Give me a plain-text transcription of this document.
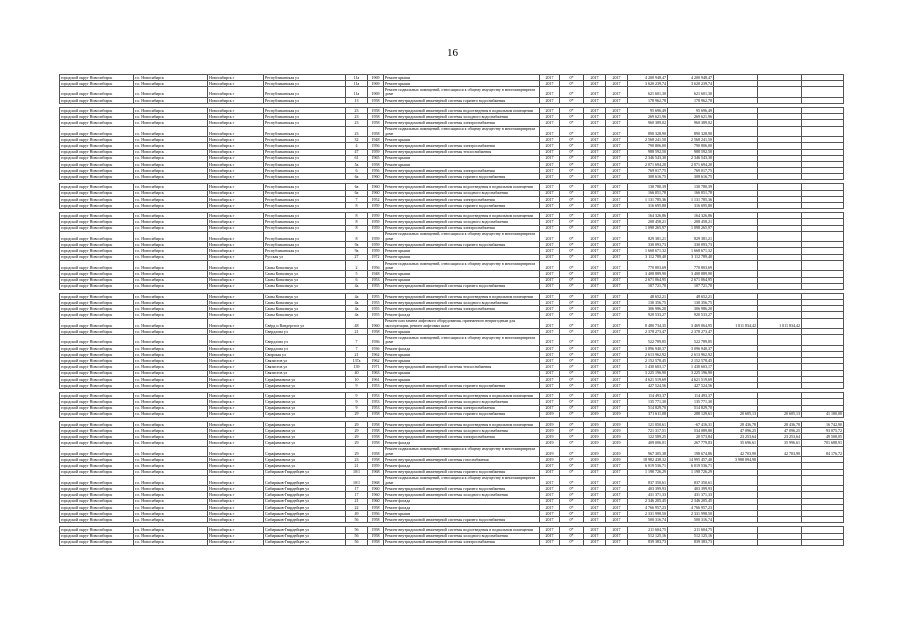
16
городской округ Новосибирск	г.о. Новосибирск	Новосибирск г	Республиканская ул	11а	1969	Ремонт крыши	2017	0*	2017	2017	4 200 948,47	4 200 948,47			
городской округ Новосибирск	г.о. Новосибирск	Новосибирск г	Республиканская ул	11а	1969	Ремонт крыши	2017	0*	2017	2017	3 620 239,74	3 620 239,74			
городской округ Новосибирск	г.о. Новосибирск	Новосибирск г	Республиканская ул	11а	1969	Ремонт подвальных помещений, относящихся к общему имуществу в многоквартирном доме	2017	0*	2017	2017	621 601,30	621 601,30			
городской округ Новосибирск	г.о. Новосибирск	Новосибирск г	Республиканская ул	13	1958	Ремонт внутридомовой инженерной системы горячего водоснабжения	2017	0*	2017	2017	178 962,78	178 962,78			

городской округ Новосибирск	г.о. Новосибирск	Новосибирск г	Республиканская ул	23	1958	Ремонт внутридомовой инженерной системы водоотведения в подвальном помещении	2017	0*	2017	2017	95 696,49	95 696,49			
городской округ Новосибирск	г.о. Новосибирск	Новосибирск г	Республиканская ул	23	1958	Ремонт внутридомовой инженерной системы холодного водоснабжения	2017	0*	2017	2017	269 621,96	269 621,96			
городской округ Новосибирск	г.о. Новосибирск	Новосибирск г	Республиканская ул	23	1958	Ремонт внутридомовой инженерной системы электроснабжения	2017	0*	2017	2017	960 389,02	960 389,02			
городской округ Новосибирск	г.о. Новосибирск	Новосибирск г	Республиканская ул	23	1958	Ремонт подвальных помещений, относящихся к общему имуществу в многоквартирном доме	2017	0*	2017	2017	890 328,90	890 328,90			
городской округ Новосибирск	г.о. Новосибирск	Новосибирск г	Республиканская ул	32	1948	Ремонт крыши	2017	0*	2017	2017	2 568 241,50	2 568 241,50			
городской округ Новосибирск	г.о. Новосибирск	Новосибирск г	Республиканская ул	4	1956	Ремонт внутридомовой инженерной системы электроснабжения	2017	0*	2017	2017	790 806,00	790 806,00			
городской округ Новосибирск	г.о. Новосибирск	Новосибирск г	Республиканская ул	47	1959	Ремонт внутридомовой инженерной системы теплоснабжения	2017	0*	2017	2017	988 592,50	988 592,50			
городской округ Новосибирск	г.о. Новосибирск	Новосибирск г	Республиканская ул	61	1965	Ремонт крыши	2017	0*	2017	2017	2 346 543,30	2 346 543,30			
городской округ Новосибирск	г.о. Новосибирск	Новосибирск г	Республиканская ул	5а	1958	Ремонт крыши	2017	0*	2017	2017	2 071 694,20	2 071 694,20			
городской округ Новосибирск	г.о. Новосибирск	Новосибирск г	Республиканская ул	6	1956	Ремонт внутридомовой инженерной системы электроснабжения	2017	0*	2017	2017	769 017,75	769 017,75			
городской округ Новосибирск	г.о. Новосибирск	Новосибирск г	Республиканская ул	6а	1960	Ремонт внутридомовой инженерной системы горячего водоснабжения	2017	0*	2017	2017	308 616,75	308 616,75			

городской округ Новосибирск	г.о. Новосибирск	Новосибирск г	Республиканская ул	6а	1960	Ремонт внутридомовой инженерной системы водоотведения в подвальном помещении	2017	0*	2017	2017	130 780,39	130 780,39			
городской округ Новосибирск	г.о. Новосибирск	Новосибирск г	Республиканская ул	6а	1960	Ремонт внутридомовой инженерной системы холодного водоснабжения	2017	0*	2017	2017	166 051,78	166 051,78			
городской округ Новосибирск	г.о. Новосибирск	Новосибирск г	Республиканская ул	7	1952	Ремонт внутридомовой инженерной системы электроснабжения	2017	0*	2017	2017	1 131 785,36	1 131 785,36			
городской округ Новосибирск	г.о. Новосибирск	Новосибирск г	Республиканская ул	8	1959	Ремонт внутридомовой инженерной системы горячего водоснабжения	2017	0*	2017	2017	316 695,80	316 695,80			

городской округ Новосибирск	г.о. Новосибирск	Новосибирск г	Республиканская ул	8	1959	Ремонт внутридомовой инженерной системы водоотведения в подвальном помещении	2017	0*	2017	2017	164 326,86	164 326,86			
городской округ Новосибирск	г.о. Новосибирск	Новосибирск г	Республиканская ул	8	1959	Ремонт внутридомовой инженерной системы холодного водоснабжения	2017	0*	2017	2017	208 458,21	208 458,21			
городской округ Новосибирск	г.о. Новосибирск	Новосибирск г	Республиканская ул	8	1959	Ремонт внутридомовой инженерной системы электроснабжения	2017	0*	2017	2017	1 098 265,97	1 098 265,97			
городской округ Новосибирск	г.о. Новосибирск	Новосибирск г	Республиканская ул	8	1959	Ремонт подвальных помещений, относящихся к общему имуществу в многоквартирном доме	2017	0*	2017	2017	829 381,21	829 381,21			
городской округ Новосибирск	г.о. Новосибирск	Новосибирск г	Республиканская ул	9а	1959	Ремонт внутридомовой инженерной системы горячего водоснабжения	2017	0*	2017	2017	330 093,73	330 093,73			
городской округ Новосибирск	г.о. Новосибирск	Новосибирск г	Республиканская ул	9а	1959	Ремонт крыши	2017	0*	2017	2017	1 668 671,32	1 668 671,32			
городской округ Новосибирск	г.о. Новосибирск	Новосибирск г	Русская ул	27	1972	Ремонт крыши	2017	0*	2017	2017	3 112 789,40	3 112 789,40			
городской округ Новосибирск	г.о. Новосибирск	Новосибирск г	Самы Ковальчук ул	2	1956	Ремонт подвальных помещений, относящихся к общему имуществу в многоквартирном доме	2017	0*	2017	2017	770 803,69	770 803,69			
городской округ Новосибирск	г.о. Новосибирск	Новосибирск г	Самы Ковальчук ул	5	1948	Ремонт крыши	2017	0*	2017	2017	3 408 889,90	3 408 889,90			
городской округ Новосибирск	г.о. Новосибирск	Новосибирск г	Самы Ковальчук ул	6	1953	Ремонт крыши	2017	0*	2017	2017	2 671 064,95	2 671 064,95			
городской округ Новосибирск	г.о. Новосибирск	Новосибирск г	Самы Ковальчук ул	4а	1955	Ремонт внутридомовой инженерной системы горячего водоснабжения	2017	0*	2017	2017	107 721,70	107 721,70			

городской округ Новосибирск	г.о. Новосибирск	Новосибирск г	Самы Ковальчук ул	4а	1955	Ремонт внутридомовой инженерной системы водоотведения в подвальном помещении	2017	0*	2017	2017	48 652,21	48 652,21			
городской округ Новосибирск	г.о. Новосибирск	Новосибирск г	Самы Ковальчук ул	4а	1955	Ремонт внутридомовой инженерной системы холодного водоснабжения	2017	0*	2017	2017	130 356,75	130 356,75			
городской округ Новосибирск	г.о. Новосибирск	Новосибирск г	Самы Ковальчук ул	4а	1955	Ремонт внутридомовой инженерной системы электроснабжения	2017	0*	2017	2017	306 986,20	306 986,20			
городской округ Новосибирск	г.о. Новосибирск	Новосибирск г	Самы Ковальчук ул	4а	1955	Ремонт фасада	2017	0*	2017	2017	920 533,27	920 533,27			
городской округ Новосибирск	г.о. Новосибирск	Новосибирск г	Свёрд и Вандерстол ул	48	1960	Ремонт или замена лифтового оборудования, признанного непригодным для эксплуатации, ремонт лифтовых шахт	2017	0*	2017	2017	8 480 734,35	3 469 064,95	1 011 834,42	1 011 834,42	
городской округ Новосибирск	г.о. Новосибирск	Новосибирск г	Свердлова ул	21	1958	Ремонт крыши	2017	0*	2017	2017	2 378 273,47	2 378 273,47			
городской округ Новосибирск	г.о. Новосибирск	Новосибирск г	Свердлова ул	7	1936	Ремонт подвальных помещений, относящихся к общему имуществу в многоквартирном доме	2017	0*	2017	2017	522 789,85	522 789,85			
городской округ Новосибирск	г.о. Новосибирск	Новосибирск г	Свердлова ул	7	1936	Ремонт фасада	2017	0*	2017	2017	3 096 940,37	3 096 940,37			
городской округ Новосибирск	г.о. Новосибирск	Новосибирск г	Свирская ул	21	1962	Ремонт крыши	2017	0*	2017	2017	2 613 962,92	2 613 962,92			
городской округ Новосибирск	г.о. Новосибирск	Новосибирск г	Связистов ул	137а	1962	Ремонт крыши	2017	0*	2017	2017	2 152 578,45	2 152 578,45			
городской округ Новосибирск	г.о. Новосибирск	Новосибирск г	Связистов ул	139	1971	Ремонт внутридомовой инженерной системы теплоснабжения	2017	0*	2017	2017	1 430 603,17	1 430 603,17			
городской округ Новосибирск	г.о. Новосибирск	Новосибирск г	Связистов ул	40	1963	Ремонт крыши	2017	0*	2017	2017	3 225 196,90	3 225 196,90			
городской округ Новосибирск	г.о. Новосибирск	Новосибирск г	Серафимовича ул	10	1961	Ремонт крыши	2017	0*	2017	2017	4 621 519,69	4 621 519,69			
городской округ Новосибирск	г.о. Новосибирск	Новосибирск г	Серафимовича ул	9	1953	Ремонт внутридомовой инженерной системы горячего водоснабжения	2017	0*	2017	2017	427 524,56	427 524,56			

городской округ Новосибирск	г.о. Новосибирск	Новосибирск г	Серафимовича ул	9	1953	Ремонт внутридомовой инженерной системы водоотведения в подвальном помещении	2017	0*	2017	2017	114 493,37	114 493,37			
городской округ Новосибирск	г.о. Новосибирск	Новосибирск г	Серафимовича ул	9	1953	Ремонт внутридомовой инженерной системы холодного водоснабжения	2017	0*	2017	2017	135 771,30	135 771,30			
городской округ Новосибирск	г.о. Новосибирск	Новосибирск г	Серафимовича ул	9	1953	Ремонт внутридомовой инженерной системы электроснабжения	2017	0*	2017	2017	514 829,70	514 829,70			
городской округ Новосибирск	г.о. Новосибирск	Новосибирск г	Серафимовича ул	29	1958	Ремонт внутридомовой инженерной системы горячего водоснабжения	2019	0*	2019	2019	371 611,08	288 129,61	20 605,13	20 605,13	41 180,00

городской округ Новосибирск	г.о. Новосибирск	Новосибирск г	Серафимовича ул	29	1958	Ремонт внутридомовой инженерной системы водоотведения в подвальном помещении	2019	0*	2019	2019	121 050,61	-67 416,31	28 436,78	28 436,78	16 742,90
городской округ Новосибирск	г.о. Новосибирск	Новосибирск г	Серафимовича ул	29	1958	Ремонт внутридомовой инженерной системы холодного водоснабжения	2019	0*	2019	2019	721 317,51	534 089,80	47 096,25	47 096,25	93 075,72
городской округ Новосибирск	г.о. Новосибирск	Новосибирск г	Серафимовича ул	29	1958	Ремонт внутридомовой инженерной системы электроснабжения	2019	0*	2019	2019	122 589,25	20 573,84	23 253,64	23 253,64	49 508,05
городской округ Новосибирск	г.о. Новосибирск	Новосибирск г	Серафимовича ул	29	1958	Ремонт фасада	2019	0*	2019	2019	409 006,01	267 779,83	35 696,61	35 996,61	701 688,91
городской округ Новосибирск	г.о. Новосибирск	Новосибирск г	Серафимовича ул	29	1958	Ремонт подвальных помещений, относящихся к общему имуществу в многоквартирном доме	2019	0*	2019	2019	967 305,38	198 674,86	42 703,90	42 703,90	84 176,72
городской округ Новосибирск	г.о. Новосибирск	Новосибирск г	Серафимовича ул	23	1958	Ремонт внутридомовой инженерной системы газоснабжения	2019	0*	2019	2019	18 982 438,32	14 995 457,40	3 988 094,98		
городской округ Новосибирск	г.о. Новосибирск	Новосибирск г	Серафимовича ул	21	1959	Ремонт фасада	2017	0*	2017	2017	6 019 536,71	6 019 536,71			
городской округ Новосибирск	г.о. Новосибирск	Новосибирск г	Сибиряков-Гвардейцев ул	10/1	1968	Ремонт внутридомовой инженерной системы горячего водоснабжения	2017	0*	2017	2017	1 198 726,29	1 198 726,29			
городской округ Новосибирск	г.о. Новосибирск	Новосибирск г	Сибиряков-Гвардейцев ул	10/1	1968	Ремонт подвальных помещений, относящихся к общему имуществу в многоквартирном доме	2017	0*	2017	2017	837 350,61	837 350,61			
городской округ Новосибирск	г.о. Новосибирск	Новосибирск г	Сибиряков-Гвардейцев ул	17	1960	Ремонт внутридомовой инженерной системы горячего водоснабжения	2017	0*	2017	2017	403 399,93	403 399,93			
городской округ Новосибирск	г.о. Новосибирск	Новосибирск г	Сибиряков-Гвардейцев ул	17	1960	Ремонт внутридомовой инженерной системы холодного водоснабжения	2017	0*	2017	2017	431 371,33	431 371,33			
городской округ Новосибирск	г.о. Новосибирск	Новосибирск г	Сибиряков-Гвардейцев ул	21	1960	Ремонт фасада	2017	0*	2017	2017	2 346 205,45	2 346 205,45			
городской округ Новосибирск	г.о. Новосибирск	Новосибирск г	Сибиряков-Гвардейцев ул	22	1958	Ремонт фасада	2017	0*	2017	2017	4 766 957,23	4 766 957,23			
городской округ Новосибирск	г.о. Новосибирск	Новосибирск г	Сибиряков-Гвардейцев ул	49	1956	Ремонт крыши	2017	0*	2017	2017	2 331 998,50	2 331 998,50			
городской округ Новосибирск	г.о. Новосибирск	Новосибирск г	Сибиряков-Гвардейцев ул	56	1958	Ремонт внутридомовой инженерной системы горячего водоснабжения	2017	0*	2017	2017	500 316,74	500 316,74			

городской округ Новосибирск	г.о. Новосибирск	Новосибирск г	Сибиряков-Гвардейцев ул	56	1958	Ремонт внутридомовой инженерной системы водоотведения в подвальном помещении	2017	0*	2017	2017	211 604,75	211 604,75			
городской округ Новосибирск	г.о. Новосибирск	Новосибирск г	Сибиряков-Гвардейцев ул	56	1958	Ремонт внутридомовой инженерной системы холодного водоснабжения	2017	0*	2017	2017	512 125,16	512 125,16			
городской округ Новосибирск	г.о. Новосибирск	Новосибирск г	Сибиряков-Гвардейцев ул	56	1958	Ремонт внутридомовой инженерной системы электроснабжения	2017	0*	2017	2017	839 383,73	839 383,73			
